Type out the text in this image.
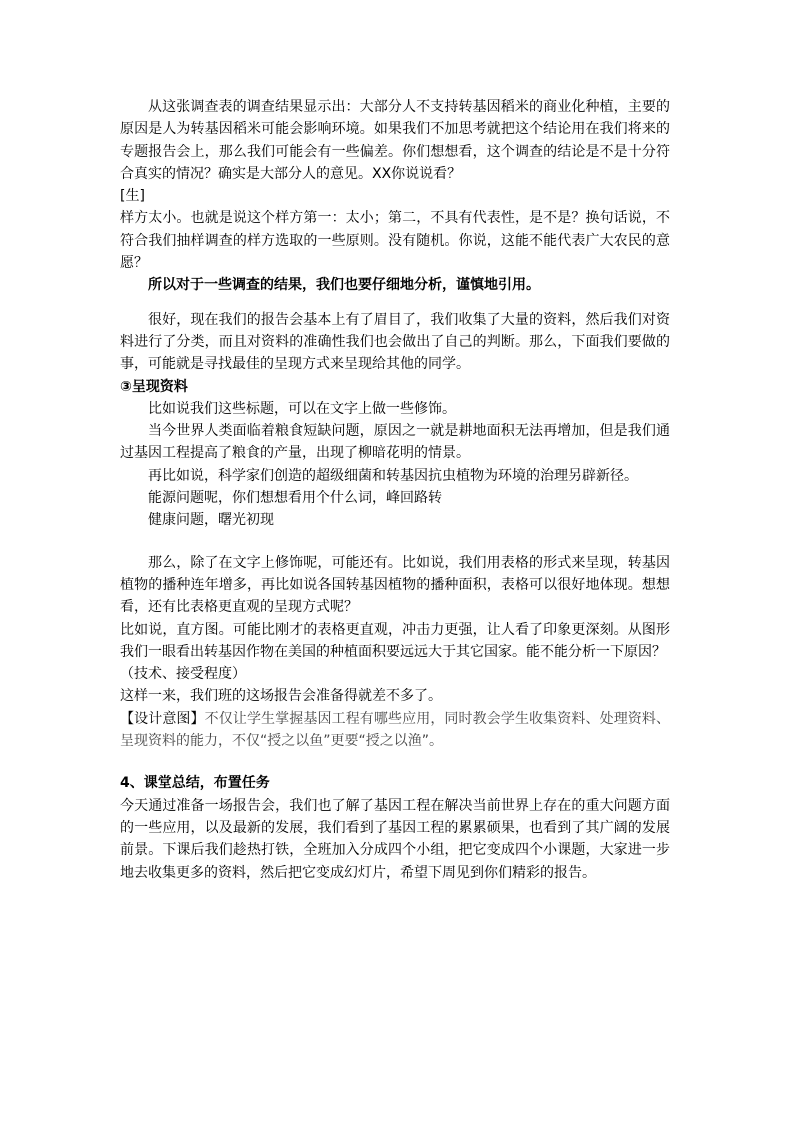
从这张调查表的调查结果显示出：大部分人不支持转基因稻米的商业化种植，主要的原因是人为转基因稻米可能会影响环境。如果我们不加思考就把这个结论用在我们将来的专题报告会上，那么我们可能会有一些偏差。你们想想看，这个调查的结论是不是十分符合真实的情况？确实是大部分人的意见。XX你说说看？

[生]

样方太小。也就是说这个样方第一：太小；第二，不具有代表性，是不是？换句话说，不符合我们抽样调查的样方选取的一些原则。没有随机。你说，这能不能代表广大农民的意愿？

所以对于一些调查的结果，我们也要仔细地分析，谨慎地引用。

很好，现在我们的报告会基本上有了眉目了，我们收集了大量的资料，然后我们对资料进行了分类，而且对资料的准确性我们也会做出了自己的判断。那么，下面我们要做的事，可能就是寻找最佳的呈现方式来呈现给其他的同学。

③呈现资料

比如说我们这些标题，可以在文字上做一些修饰。

当今世界人类面临着粮食短缺问题，原因之一就是耕地面积无法再增加，但是我们通过基因工程提高了粮食的产量，出现了柳暗花明的情景。

再比如说，科学家们创造的超级细菌和转基因抗虫植物为环境的治理另辟新径。

能源问题呢，你们想想看用个什么词，峰回路转

健康问题，曙光初现

那么，除了在文字上修饰呢，可能还有。比如说，我们用表格的形式来呈现，转基因植物的播种连年增多，再比如说各国转基因植物的播种面积，表格可以很好地体现。想想看，还有比表格更直观的呈现方式呢？

比如说，直方图。可能比刚才的表格更直观，冲击力更强，让人看了印象更深刻。从图形我们一眼看出转基因作物在美国的种植面积要远远大于其它国家。能不能分析一下原因？

（技术、接受程度）

这样一来，我们班的这场报告会准备得就差不多了。

【设计意图】不仅让学生掌握基因工程有哪些应用，同时教会学生收集资料、处理资料、呈现资料的能力，不仅“授之以鱼”更要“授之以渔”。

4、课堂总结，布置任务

今天通过准备一场报告会，我们也了解了基因工程在解决当前世界上存在的重大问题方面的一些应用，以及最新的发展，我们看到了基因工程的累累硕果，也看到了其广阔的发展前景。下课后我们趁热打铁，全班加入分成四个小组，把它变成四个小课题，大家进一步地去收集更多的资料，然后把它变成幻灯片，希望下周见到你们精彩的报告。
